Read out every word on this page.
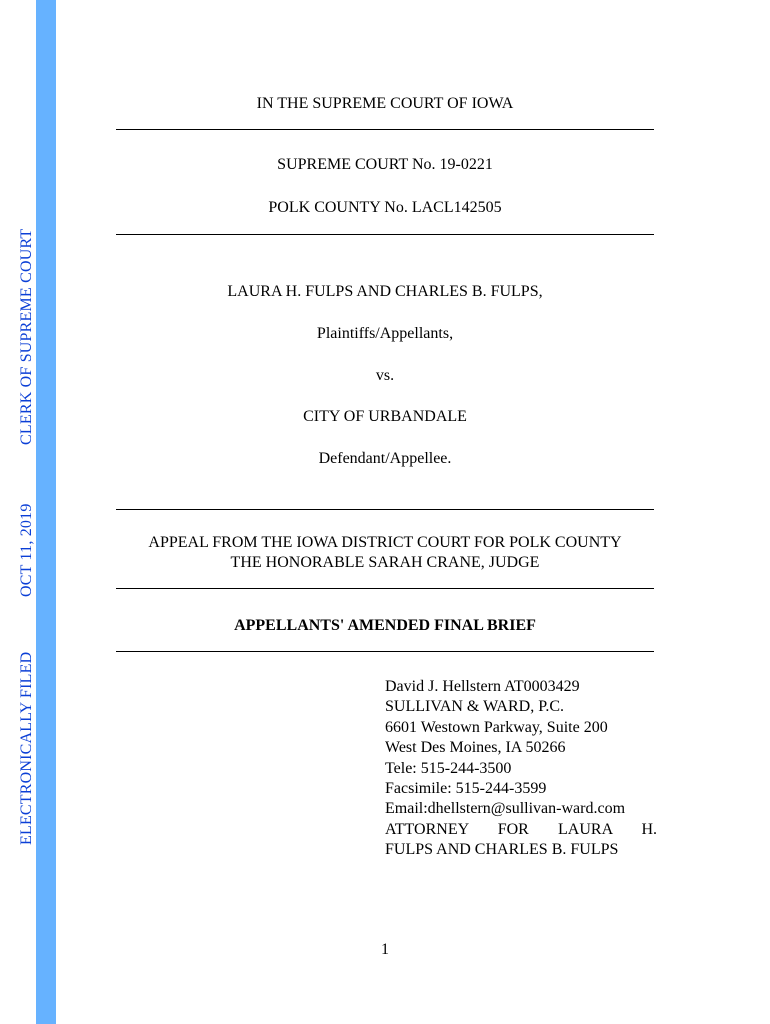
ELECTRONICALLY FILEDOCT 11, 2019CLERK OF SUPREME COURT
IN THE SUPREME COURT OF IOWA
SUPREME COURT No. 19-0221
POLK COUNTY No. LACL142505
LAURA H. FULPS AND CHARLES B. FULPS,
Plaintiffs/Appellants,
vs.
CITY OF URBANDALE
Defendant/Appellee.
APPEAL FROM THE IOWA DISTRICT COURT FOR POLK COUNTY
THE HONORABLE SARAH CRANE, JUDGE
APPELLANTS' AMENDED FINAL BRIEF
David J. Hellstern AT0003429
SULLIVAN & WARD, P.C.
6601 Westown Parkway, Suite 200
West Des Moines, IA 50266
Tele: 515-244-3500
Facsimile: 515-244-3599
Email:dhellstern@sullivan-ward.com
ATTORNEY FOR LAURA H.
FULPS AND CHARLES B. FULPS
1
